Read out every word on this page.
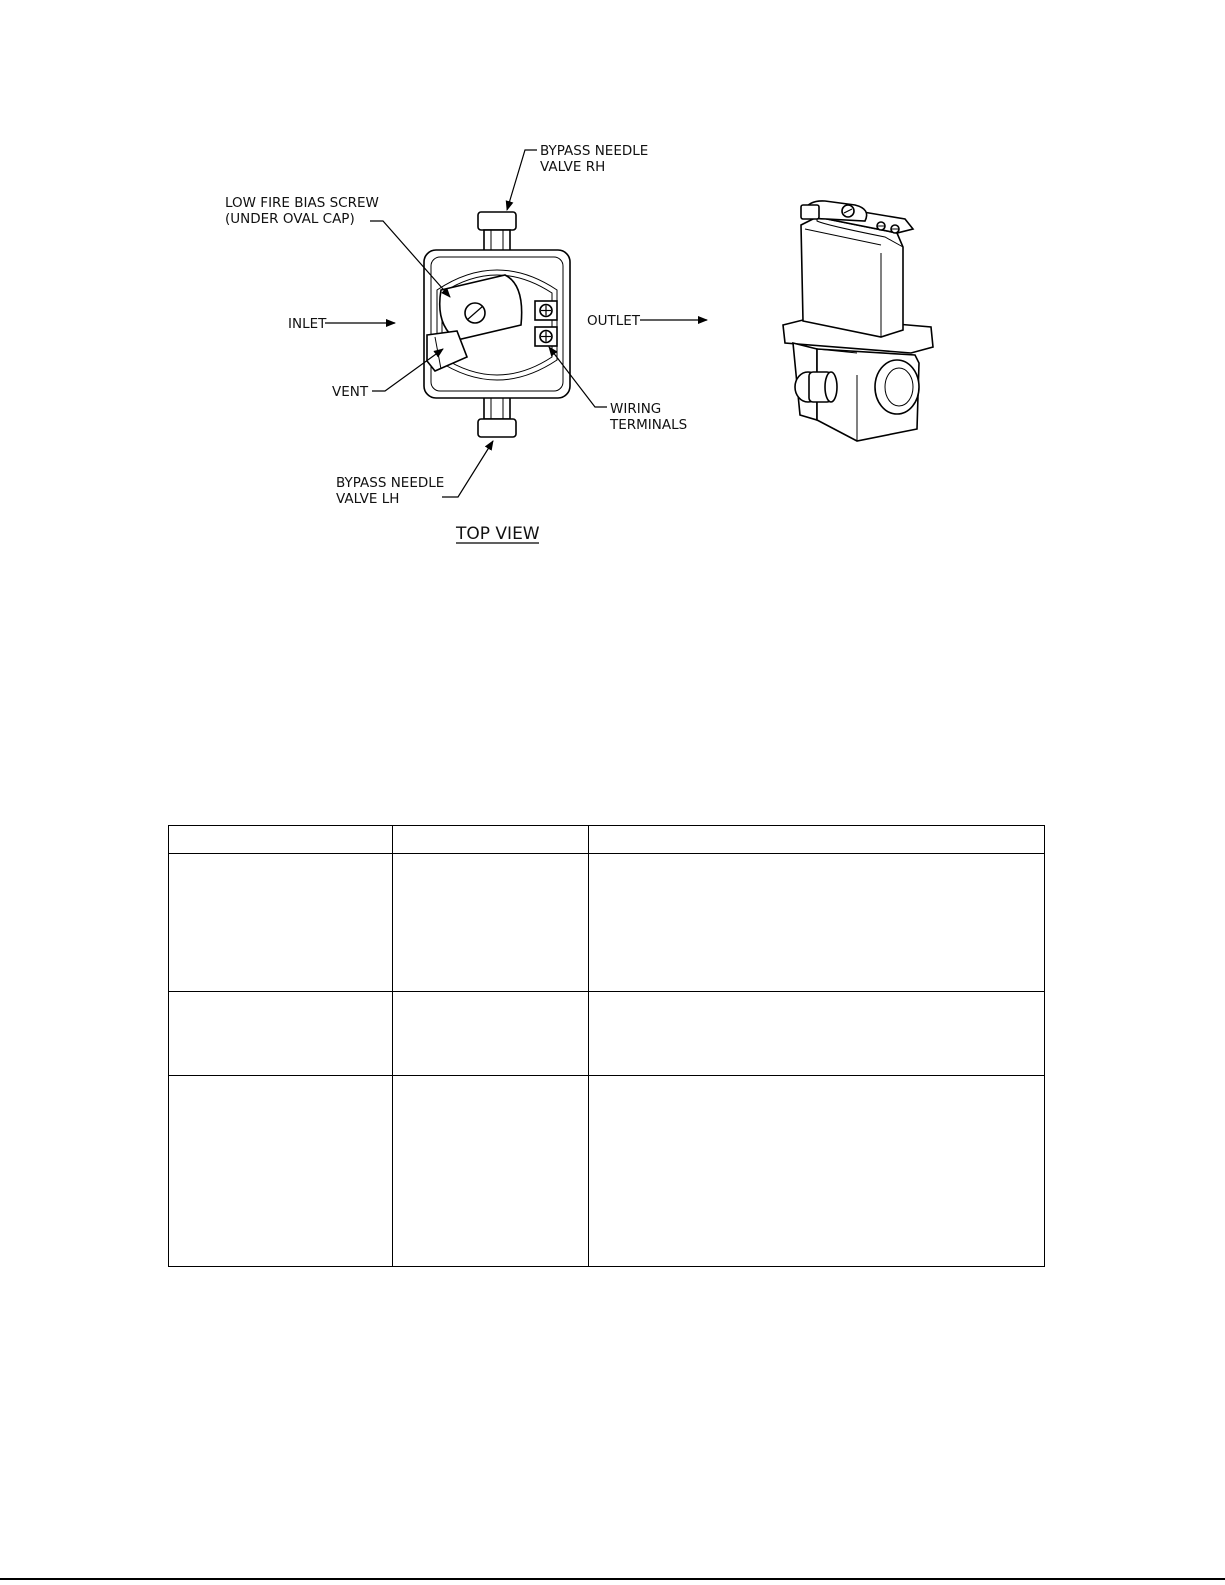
BYPASS NEEDLE
VALVE RH
LOW FIRE BIAS SCREW
(UNDER OVAL CAP)
INLET	OUTLET
VENT
WIRING
TERMINALS
BYPASS NEEDLE
VALVE LH
TOP VIEW
